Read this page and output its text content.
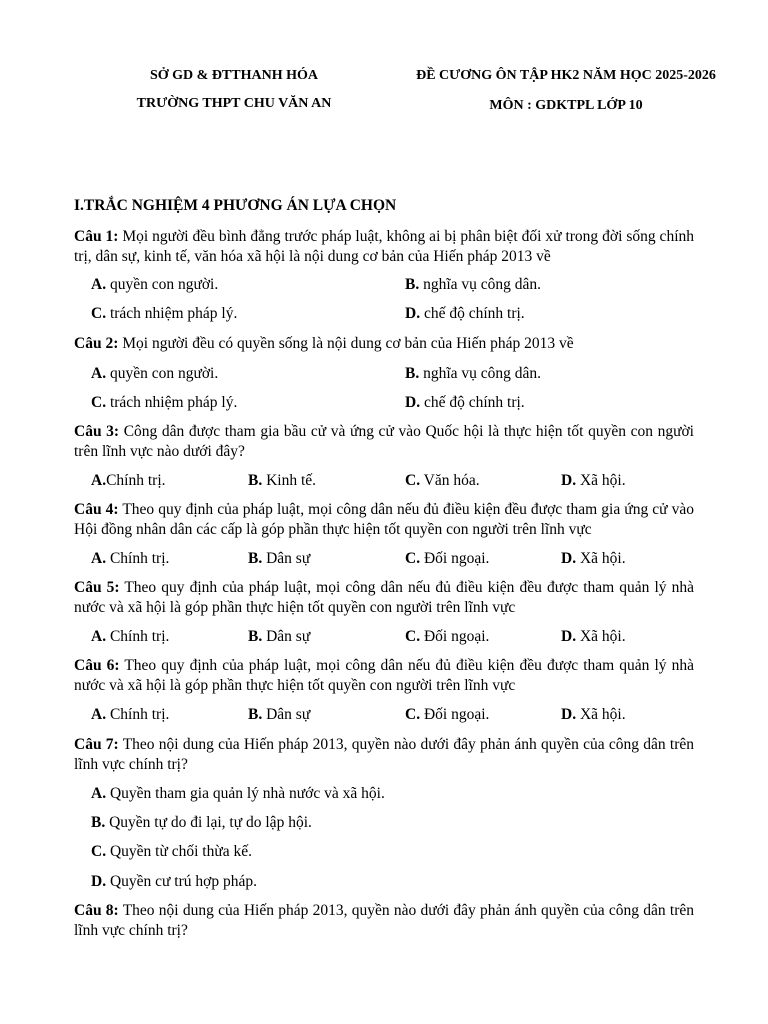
SỞ GD & ĐTTHANH HÓA
TRƯỜNG THPT CHU VĂN AN
ĐỀ CƯƠNG ÔN TẬP HK2 NĂM HỌC 2025-2026
MÔN : GDKTPL LỚP 10
I.TRẮC NGHIỆM 4 PHƯƠNG ÁN LỰA CHỌN
Câu 1: Mọi người đều bình đẳng trước pháp luật, không ai bị phân biệt đối xử trong đời sống chính trị, dân sự, kinh tế, văn hóa xã hội là nội dung cơ bản của Hiến pháp 2013 về
A. quyền con người.	B. nghĩa vụ công dân.
C. trách nhiệm pháp lý.	D. chế độ chính trị.
Câu 2: Mọi người đều có quyền sống là nội dung cơ bản của Hiến pháp 2013 về
A. quyền con người.	B. nghĩa vụ công dân.
C. trách nhiệm pháp lý.	D. chế độ chính trị.
Câu 3: Công dân được tham gia bầu cử và ứng cử vào Quốc hội là thực hiện tốt quyền con người trên lĩnh vực nào dưới đây?
A.Chính trị.	B. Kinh tế.	C. Văn hóa.	D. Xã hội.
Câu 4: Theo quy định của pháp luật, mọi công dân nếu đủ điều kiện đều được tham gia ứng cử vào Hội đồng nhân dân các cấp là góp phần thực hiện tốt quyền con người trên lĩnh vực
A. Chính trị.	B. Dân sự	C. Đối ngoại.	D. Xã hội.
Câu 5: Theo quy định của pháp luật, mọi công dân nếu đủ điều kiện đều được tham quản lý nhà nước và xã hội là góp phần thực hiện tốt quyền con người trên lĩnh vực
A. Chính trị.	B. Dân sự	C. Đối ngoại.	D. Xã hội.
Câu 6: Theo quy định của pháp luật, mọi công dân nếu đủ điều kiện đều được tham quản lý nhà nước và xã hội là góp phần thực hiện tốt quyền con người trên lĩnh vực
A. Chính trị.	B. Dân sự	C. Đối ngoại.	D. Xã hội.
Câu 7: Theo nội dung của Hiến pháp 2013, quyền nào dưới đây phản ánh quyền của công dân trên lĩnh vực chính trị?
A. Quyền tham gia quản lý nhà nước và xã hội.
B. Quyền tự do đi lại, tự do lập hội.
C. Quyền từ chối thừa kế.
D. Quyền cư trú hợp pháp.
Câu 8: Theo nội dung của Hiến pháp 2013, quyền nào dưới đây phản ánh quyền của công dân trên lĩnh vực chính trị?
